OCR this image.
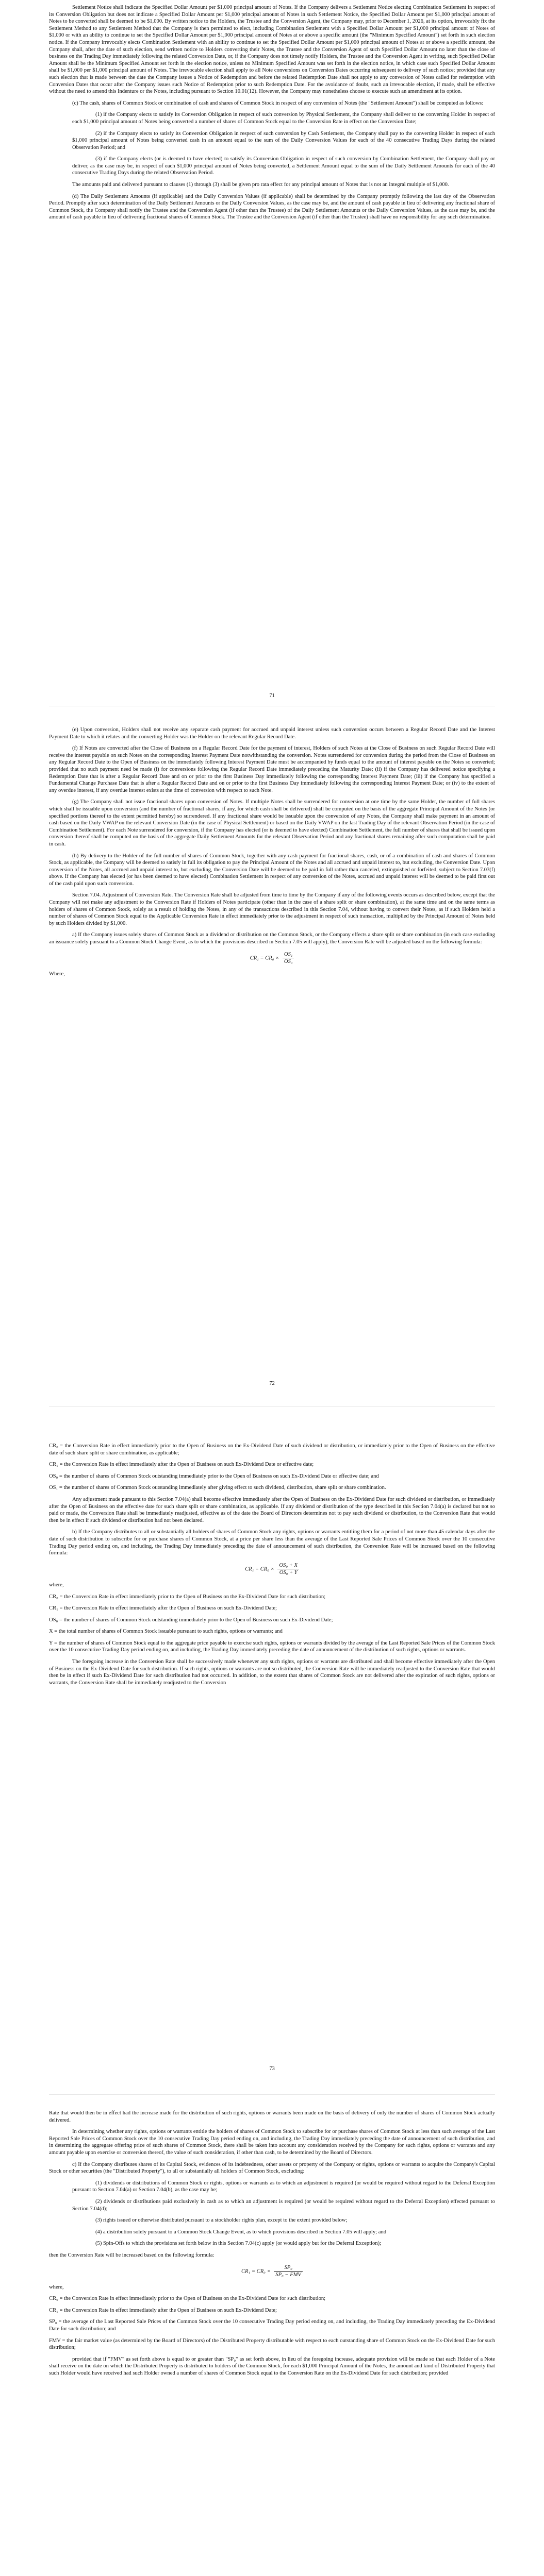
Settlement Notice shall indicate the Specified Dollar Amount per $1,000 principal amount of Notes. If the Company delivers a Settlement Notice electing Combination Settlement in respect of its Conversion Obligation but does not indicate a Specified Dollar Amount per $1,000 principal amount of Notes in such Settlement Notice, the Specified Dollar Amount per $1,000 principal amount of Notes to be converted shall be deemed to be $1,000. By written notice to the Holders, the Trustee and the Conversion Agent, the Company may, prior to December 1, 2026, at its option, irrevocably fix the Settlement Method to any Settlement Method that the Company is then permitted to elect, including Combination Settlement with a Specified Dollar Amount per $1,000 principal amount of Notes of $1,000 or with an ability to continue to set the Specified Dollar Amount per $1,000 principal amount of Notes at or above a specific amount (the "Minimum Specified Amount") set forth in such election notice. If the Company irrevocably elects Combination Settlement with an ability to continue to set the Specified Dollar Amount per $1,000 principal amount of Notes at or above a specific amount, the Company shall, after the date of such election, send written notice to Holders converting their Notes, the Trustee and the Conversion Agent of such Specified Dollar Amount no later than the close of business on the Trading Day immediately following the related Conversion Date, or, if the Company does not timely notify Holders, the Trustee and the Conversion Agent in writing, such Specified Dollar Amount shall be the Minimum Specified Amount set forth in the election notice, unless no Minimum Specified Amount was set forth in the election notice, in which case such Specified Dollar Amount shall be $1,000 per $1,000 principal amount of Notes. The irrevocable election shall apply to all Note conversions on Conversion Dates occurring subsequent to delivery of such notice; provided that any such election that is made between the date the Company issues a Notice of Redemption and before the related Redemption Date shall not apply to any conversion of Notes called for redemption with Conversion Dates that occur after the Company issues such Notice of Redemption prior to such Redemption Date. For the avoidance of doubt, such an irrevocable election, if made, shall be effective without the need to amend this Indenture or the Notes, including pursuant to Section 10.01(12). However, the Company may nonetheless choose to execute such an amendment at its option.

(c) The cash, shares of Common Stock or combination of cash and shares of Common Stock in respect of any conversion of Notes (the "Settlement Amount") shall be computed as follows:

(1) if the Company elects to satisfy its Conversion Obligation in respect of such conversion by Physical Settlement, the Company shall deliver to the converting Holder in respect of each $1,000 principal amount of Notes being converted a number of shares of Common Stock equal to the Conversion Rate in effect on the Conversion Date;

(2) if the Company elects to satisfy its Conversion Obligation in respect of such conversion by Cash Settlement, the Company shall pay to the converting Holder in respect of each $1,000 principal amount of Notes being converted cash in an amount equal to the sum of the Daily Conversion Values for each of the 40 consecutive Trading Days during the related Observation Period; and

(3) if the Company elects (or is deemed to have elected) to satisfy its Conversion Obligation in respect of such conversion by Combination Settlement, the Company shall pay or deliver, as the case may be, in respect of each $1,000 principal amount of Notes being converted, a Settlement Amount equal to the sum of the Daily Settlement Amounts for each of the 40 consecutive Trading Days during the related Observation Period.

The amounts paid and delivered pursuant to clauses (1) through (3) shall be given pro rata effect for any principal amount of Notes that is not an integral multiple of $1,000.

(d) The Daily Settlement Amounts (if applicable) and the Daily Conversion Values (if applicable) shall be determined by the Company promptly following the last day of the Observation Period. Promptly after such determination of the Daily Settlement Amounts or the Daily Conversion Values, as the case may be, and the amount of cash payable in lieu of delivering any fractional share of Common Stock, the Company shall notify the Trustee and the Conversion Agent (if other than the Trustee) of the Daily Settlement Amounts or the Daily Conversion Values, as the case may be, and the amount of cash payable in lieu of delivering fractional shares of Common Stock. The Trustee and the Conversion Agent (if other than the Trustee) shall have no responsibility for any such determination.

71

(e) Upon conversion, Holders shall not receive any separate cash payment for accrued and unpaid interest unless such conversion occurs between a Regular Record Date and the Interest Payment Date to which it relates and the converting Holder was the Holder on the relevant Regular Record Date.

(f) If Notes are converted after the Close of Business on a Regular Record Date for the payment of interest, Holders of such Notes at the Close of Business on such Regular Record Date will receive the interest payable on such Notes on the corresponding Interest Payment Date notwithstanding the conversion. Notes surrendered for conversion during the period from the Close of Business on any Regular Record Date to the Open of Business on the immediately following Interest Payment Date must be accompanied by funds equal to the amount of interest payable on the Notes so converted; provided that no such payment need be made (i) for conversions following the Regular Record Date immediately preceding the Maturity Date; (ii) if the Company has delivered notice specifying a Redemption Date that is after a Regular Record Date and on or prior to the first Business Day immediately following the corresponding Interest Payment Date; (iii) if the Company has specified a Fundamental Change Purchase Date that is after a Regular Record Date and on or prior to the first Business Day immediately following the corresponding Interest Payment Date; or (iv) to the extent of any overdue interest, if any overdue interest exists at the time of conversion with respect to such Note.

(g) The Company shall not issue fractional shares upon conversion of Notes. If multiple Notes shall be surrendered for conversion at one time by the same Holder, the number of full shares which shall be issuable upon conversion (and the number of fractional shares, if any, for which cash shall be delivered) shall be computed on the basis of the aggregate Principal Amount of the Notes (or specified portions thereof to the extent permitted hereby) so surrendered. If any fractional share would be issuable upon the conversion of any Notes, the Company shall make payment in an amount of cash based on the Daily VWAP on the relevant Conversion Date (in the case of Physical Settlement) or based on the Daily VWAP on the last Trading Day of the relevant Observation Period (in the case of Combination Settlement). For each Note surrendered for conversion, if the Company has elected (or is deemed to have elected) Combination Settlement, the full number of shares that shall be issued upon conversion thereof shall be computed on the basis of the aggregate Daily Settlement Amounts for the relevant Observation Period and any fractional shares remaining after such computation shall be paid in cash.

(h) By delivery to the Holder of the full number of shares of Common Stock, together with any cash payment for fractional shares, cash, or of a combination of cash and shares of Common Stock, as applicable, the Company will be deemed to satisfy in full its obligation to pay the Principal Amount of the Notes and all accrued and unpaid interest to, but excluding, the Conversion Date. Upon conversion of the Notes, all accrued and unpaid interest to, but excluding, the Conversion Date will be deemed to be paid in full rather than canceled, extinguished or forfeited, subject to Section 7.03(f) above. If the Company has elected (or has been deemed to have elected) Combination Settlement in respect of any conversion of the Notes, accrued and unpaid interest will be deemed to be paid first out of the cash paid upon such conversion.

Section 7.04. Adjustment of Conversion Rate. The Conversion Rate shall be adjusted from time to time by the Company if any of the following events occurs as described below, except that the Company will not make any adjustment to the Conversion Rate if Holders of Notes participate (other than in the case of a share split or share combination), at the same time and on the same terms as holders of shares of Common Stock, solely as a result of holding the Notes, in any of the transactions described in this Section 7.04, without having to convert their Notes, as if such Holders held a number of shares of Common Stock equal to the Applicable Conversion Rate in effect immediately prior to the adjustment in respect of such transaction, multiplied by the Principal Amount of Notes held by such Holders divided by $1,000.

a) If the Company issues solely shares of Common Stock as a dividend or distribution on the Common Stock, or the Company effects a share split or share combination (in each case excluding an issuance solely pursuant to a Common Stock Change Event, as to which the provisions described in Section 7.05 will apply), the Conversion Rate will be adjusted based on the following formula:

$CR_1 = CR_0 \times \frac{\text{OS₁}}{\text{OS₀}}$

Where,

72

CR₀ = the Conversion Rate in effect immediately prior to the Open of Business on the Ex-Dividend Date of such dividend or distribution, or immediately prior to the Open of Business on the effective date of such share split or share combination, as applicable;

CR₁ = the Conversion Rate in effect immediately after the Open of Business on such Ex-Dividend Date or effective date;

OS₀ = the number of shares of Common Stock outstanding immediately prior to the Open of Business on such Ex-Dividend Date or effective date; and

OS₁ = the number of shares of Common Stock outstanding immediately after giving effect to such dividend, distribution, share split or share combination.

Any adjustment made pursuant to this Section 7.04(a) shall become effective immediately after the Open of Business on the Ex-Dividend Date for such dividend or distribution, or immediately after the Open of Business on the effective date for such share split or share combination, as applicable. If any dividend or distribution of the type described in this Section 7.04(a) is declared but not so paid or made, the Conversion Rate shall be immediately readjusted, effective as of the date the Board of Directors determines not to pay such dividend or distribution, to the Conversion Rate that would then be in effect if such dividend or distribution had not been declared.

b) If the Company distributes to all or substantially all holders of shares of Common Stock any rights, options or warrants entitling them for a period of not more than 45 calendar days after the date of such distribution to subscribe for or purchase shares of Common Stock, at a price per share less than the average of the Last Reported Sale Prices of Common Stock over the 10 consecutive Trading Day period ending on, and including, the Trading Day immediately preceding the date of announcement of such distribution, the Conversion Rate will be increased based on the following formula:

$CR_1 = CR_0 \times \frac{\text{OS₀ + X}}{\text{OS₀ + Y}}$

where,

CR₀ = the Conversion Rate in effect immediately prior to the Open of Business on the Ex-Dividend Date for such distribution;

CR₁ = the Conversion Rate in effect immediately after the Open of Business on such Ex-Dividend Date;

OS₀ = the number of shares of Common Stock outstanding immediately prior to the Open of Business on such Ex-Dividend Date;

X = the total number of shares of Common Stock issuable pursuant to such rights, options or warrants; and

Y = the number of shares of Common Stock equal to the aggregate price payable to exercise such rights, options or warrants divided by the average of the Last Reported Sale Prices of the Common Stock over the 10 consecutive Trading Day period ending on, and including, the Trading Day immediately preceding the date of announcement of the distribution of such rights, options or warrants.

The foregoing increase in the Conversion Rate shall be successively made whenever any such rights, options or warrants are distributed and shall become effective immediately after the Open of Business on the Ex-Dividend Date for such distribution. If such rights, options or warrants are not so distributed, the Conversion Rate will be immediately readjusted to the Conversion Rate that would then be in effect if such Ex-Dividend Date for such distribution had not occurred. In addition, to the extent that shares of Common Stock are not delivered after the expiration of such rights, options or warrants, the Conversion Rate shall be immediately readjusted to the Conversion

73

Rate that would then be in effect had the increase made for the distribution of such rights, options or warrants been made on the basis of delivery of only the number of shares of Common Stock actually delivered.

In determining whether any rights, options or warrants entitle the holders of shares of Common Stock to subscribe for or purchase shares of Common Stock at less than such average of the Last Reported Sale Prices of Common Stock over the 10 consecutive Trading Day period ending on, and including, the Trading Day immediately preceding the date of announcement of such distribution, and in determining the aggregate offering price of such shares of Common Stock, there shall be taken into account any consideration received by the Company for such rights, options or warrants and any amount payable upon exercise or conversion thereof, the value of such consideration, if other than cash, to be determined by the Board of Directors.

c) If the Company distributes shares of its Capital Stock, evidences of its indebtedness, other assets or property of the Company or rights, options or warrants to acquire the Company's Capital Stock or other securities (the "Distributed Property"), to all or substantially all holders of Common Stock, excluding:

(1) dividends or distributions of Common Stock or rights, options or warrants as to which an adjustment is required (or would be required without regard to the Deferral Exception pursuant to Section 7.04(a) or Section 7.04(b), as the case may be;

(2) dividends or distributions paid exclusively in cash as to which an adjustment is required (or would be required without regard to the Deferral Exception) effected pursuant to Section 7.04(d);

(3) rights issued or otherwise distributed pursuant to a stockholder rights plan, except to the extent provided below;

(4) a distribution solely pursuant to a Common Stock Change Event, as to which provisions described in Section 7.05 will apply; and

(5) Spin-Offs to which the provisions set forth below in this Section 7.04(c) apply (or would apply but for the Deferral Exception);

then the Conversion Rate will be increased based on the following formula:

$CR_1 = CR_0 \times \frac{\text{SP₀}}{\text{SP₀ − FMV}}$

where,

CR₀ = the Conversion Rate in effect immediately prior to the Open of Business on the Ex-Dividend Date for such distribution;

CR₁ = the Conversion Rate in effect immediately after the Open of Business on such Ex-Dividend Date;

SP₀ = the average of the Last Reported Sale Prices of the Common Stock over the 10 consecutive Trading Day period ending on, and including, the Trading Day immediately preceding the Ex-Dividend Date for such distribution; and

FMV = the fair market value (as determined by the Board of Directors) of the Distributed Property distributable with respect to each outstanding share of Common Stock on the Ex-Dividend Date for such distribution;

provided that if "FMV" as set forth above is equal to or greater than "SP₀" as set forth above, in lieu of the foregoing increase, adequate provision will be made so that each Holder of a Note shall receive on the date on which the Distributed Property is distributed to holders of the Common Stock, for each $1,000 Principal Amount of the Notes, the amount and kind of Distributed Property that such Holder would have received had such Holder owned a number of shares of Common Stock equal to the Conversion Rate on the Ex-Dividend Date for such distribution; provided
